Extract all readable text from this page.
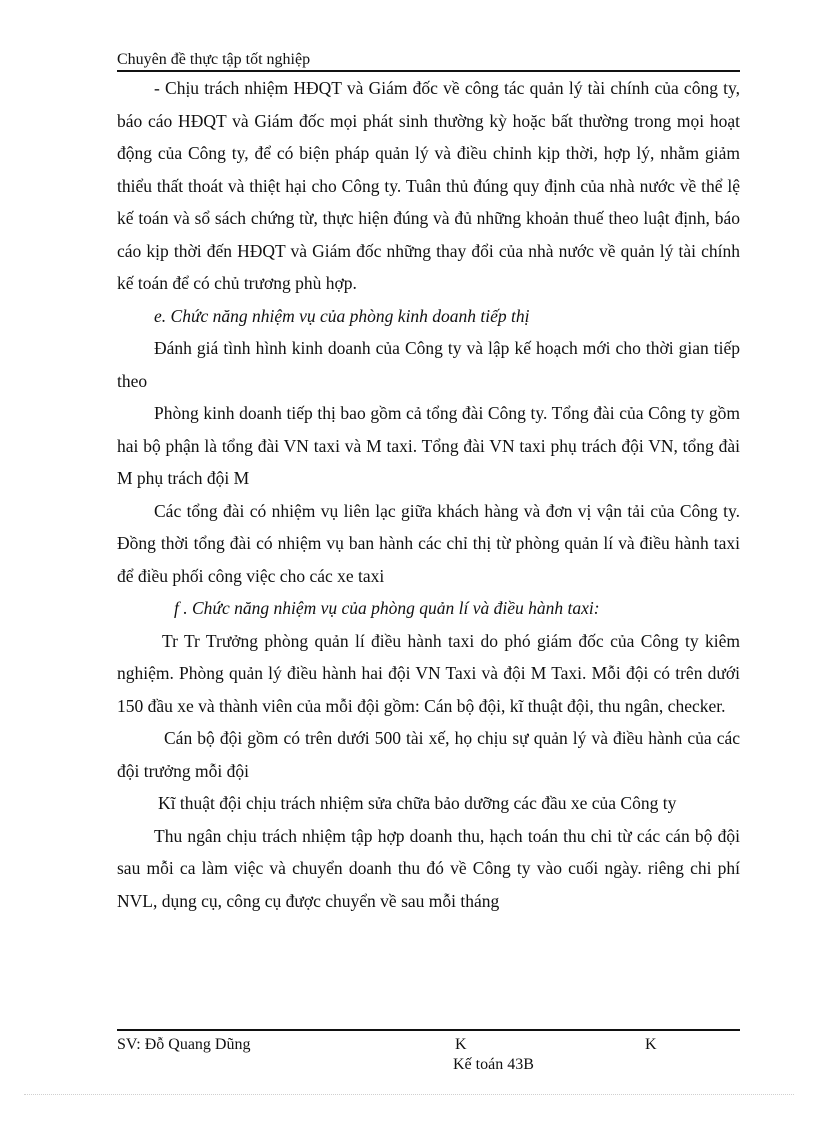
Chuyên đề thực tập tốt nghiệp

- Chịu trách nhiệm HĐQT và Giám đốc về công tác quản lý tài chính của công ty, báo cáo HĐQT và Giám đốc mọi phát sinh thường kỳ hoặc bất thường trong mọi hoạt động của Công ty, để có biện pháp quản lý và điều chỉnh kịp thời, hợp lý, nhằm giảm thiểu thất thoát và thiệt hại cho Công ty. Tuân thủ đúng quy định của nhà nước về thể lệ kế toán và sổ sách chứng từ, thực hiện đúng và đủ những khoản thuế theo luật định, báo cáo kịp thời đến HĐQT và Giám đốc những thay đổi của nhà nước về quản lý tài chính kế toán để có chủ trương phù hợp.

e. Chức năng nhiệm vụ của phòng kinh doanh tiếp thị

Đánh giá tình hình kinh doanh của Công ty và lập kế hoạch mới cho thời gian tiếp theo

Phòng kinh doanh tiếp thị bao gồm cả tổng đài Công ty. Tổng đài của Công ty gồm hai bộ phận là tổng đài VN taxi và M taxi. Tổng đài VN taxi phụ trách đội VN, tổng đài M phụ trách đội M

Các tổng đài có nhiệm vụ liên lạc giữa khách hàng và đơn vị vận tải của Công ty. Đồng thời tổng đài có nhiệm vụ ban hành các chỉ thị từ phòng quản lí và điều hành taxi để điều phối công việc cho các xe taxi

f . Chức năng nhiệm vụ của phòng quản lí và điều hành taxi:

Tr Tr Trưởng phòng quản lí điều hành taxi do phó giám đốc của Công ty kiêm nghiệm. Phòng quản lý điều hành hai đội VN Taxi và đội M Taxi. Mỗi đội có trên dưới 150 đầu xe và thành viên của mỗi đội gồm: Cán bộ đội, kĩ thuật đội, thu ngân, checker.

Cán bộ đội gồm có trên dưới 500 tài xế, họ chịu sự quản lý và điều hành của các đội trưởng mỗi đội

Kĩ thuật đội chịu trách nhiệm sửa chữa bảo dưỡng các đầu xe của Công ty

Thu ngân chịu trách nhiệm tập hợp doanh thu, hạch toán thu chi từ các cán bộ đội sau mỗi ca làm việc và chuyển doanh thu đó về Công ty vào cuối ngày. riêng chi phí NVL, dụng cụ, công cụ được chuyển về sau mỗi tháng

SV: Đỗ Quang Dũng	K	K
Kế toán 43B
